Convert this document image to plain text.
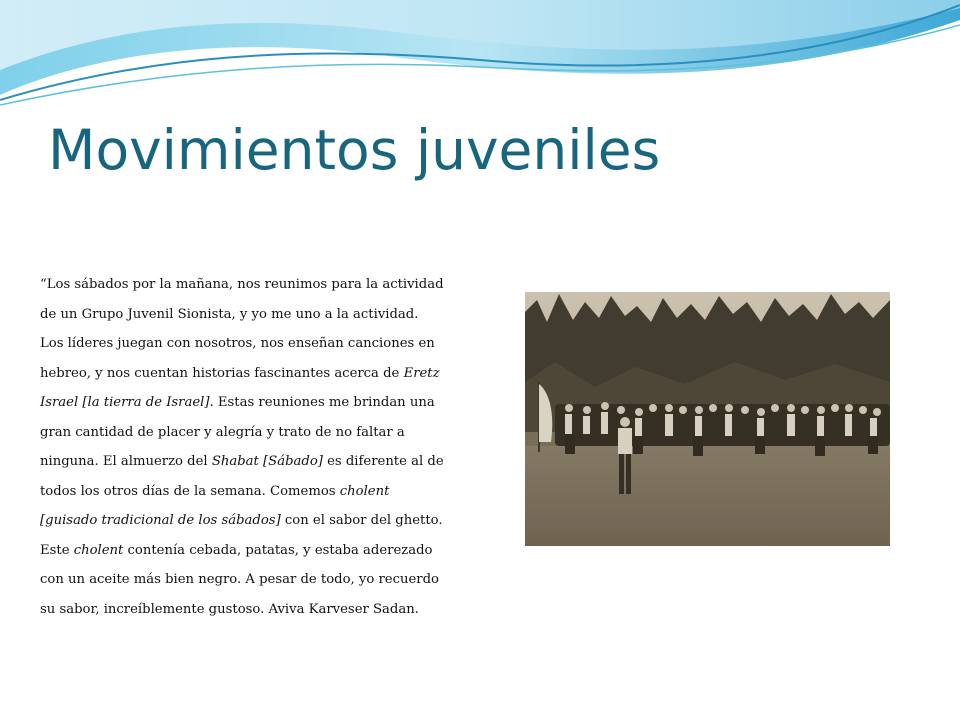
Movimientos juveniles
“Los sábados por la mañana, nos reunimos para la actividad
de un Grupo Juvenil Sionista, y yo me uno a la actividad.
Los líderes juegan con nosotros, nos enseñan canciones en
hebreo, y nos cuentan historias fascinantes acerca de Eretz
Israel [la tierra de Israel]. Estas reuniones me brindan una
gran cantidad de placer y alegría y trato de no faltar a
ninguna. El almuerzo del Shabat [Sábado] es diferente al de
todos los otros días de la semana. Comemos cholent
[guisado tradicional de los sábados] con el sabor del ghetto.
Este cholent contenía cebada, patatas, y estaba aderezado
con un aceite más bien negro. A pesar de todo, yo recuerdo
su sabor, increíblemente gustoso. Aviva Karveser Sadan.
